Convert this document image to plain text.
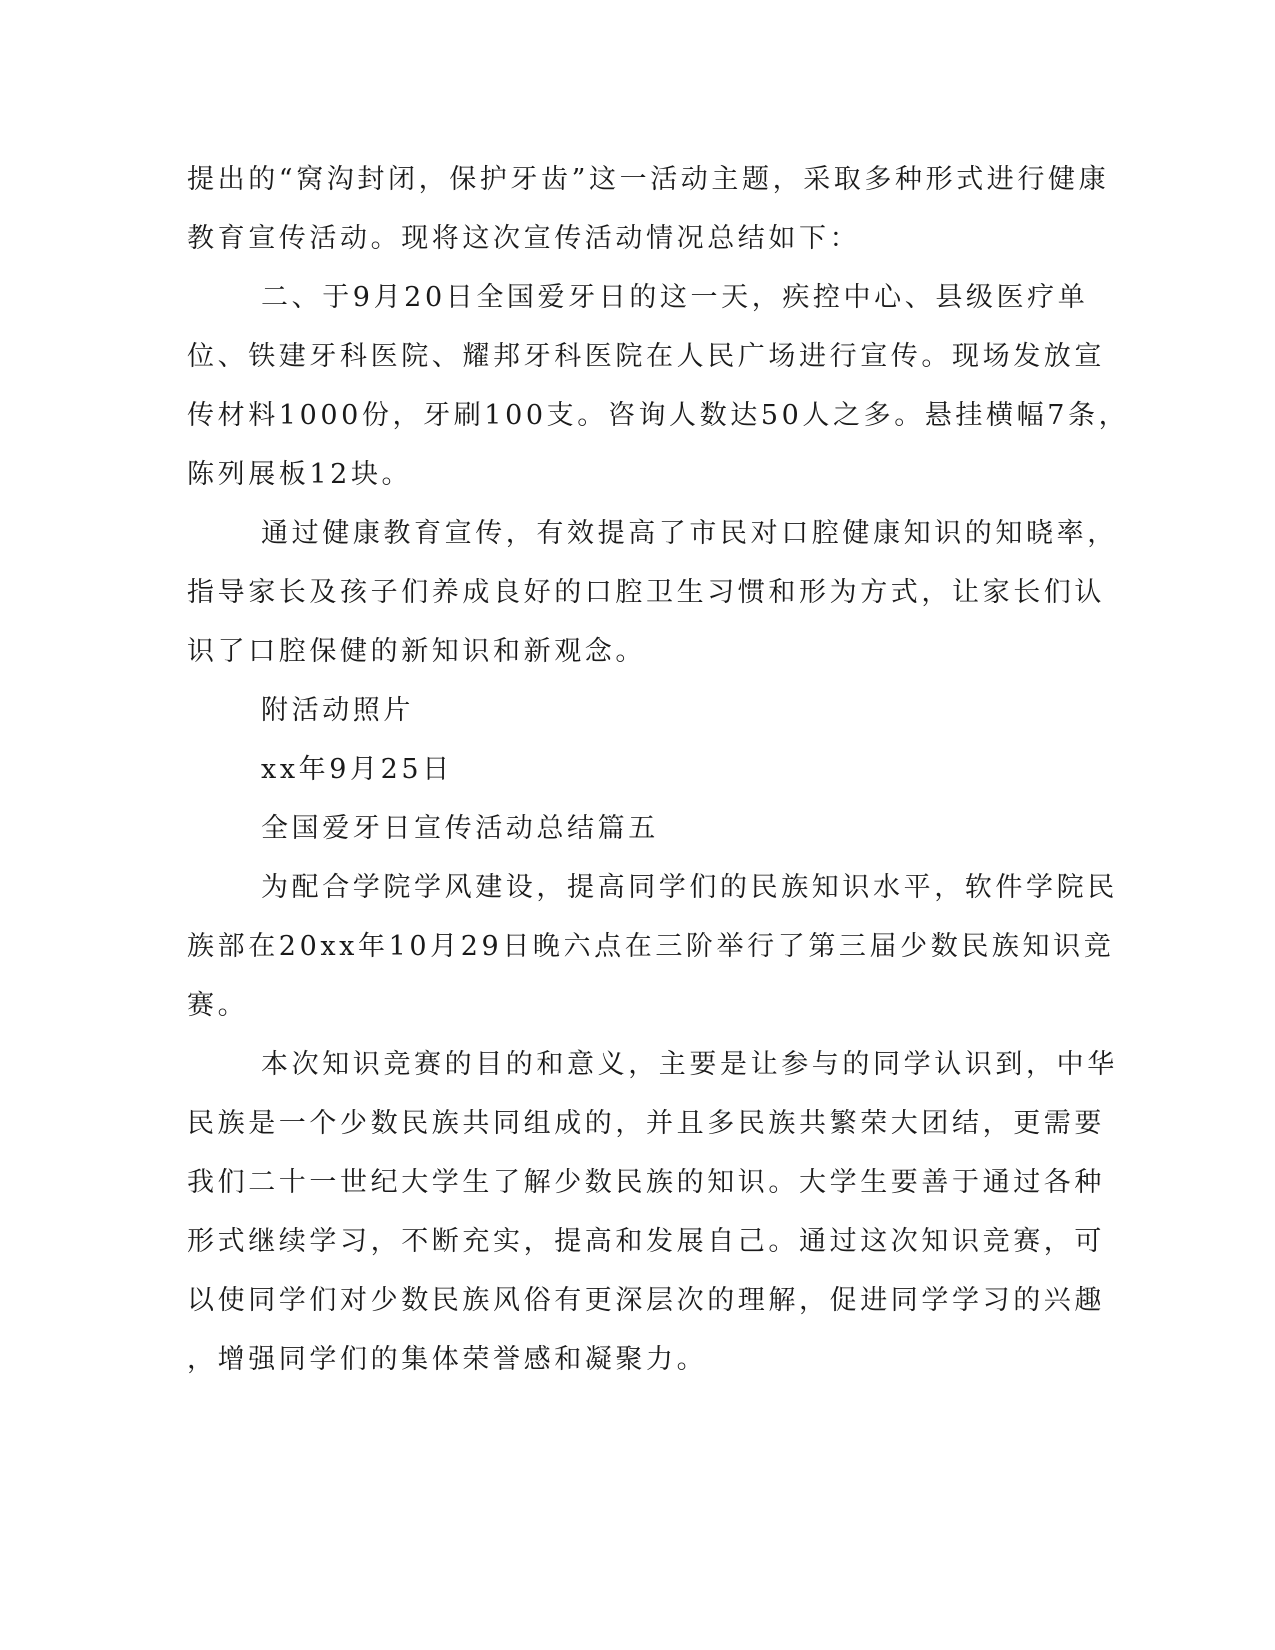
提出的“窝沟封闭，保护牙齿”这一活动主题，采取多种形式进行健康
教育宣传活动。现将这次宣传活动情况总结如下：
二、于9月20日全国爱牙日的这一天，疾控中心、县级医疗单
位、铁建牙科医院、耀邦牙科医院在人民广场进行宣传。现场发放宣
传材料1000份，牙刷100支。咨询人数达50人之多。悬挂横幅7条，
陈列展板12块。
通过健康教育宣传，有效提高了市民对口腔健康知识的知晓率，
指导家长及孩子们养成良好的口腔卫生习惯和形为方式，让家长们认
识了口腔保健的新知识和新观念。
附活动照片
xx年9月25日
全国爱牙日宣传活动总结篇五
为配合学院学风建设，提高同学们的民族知识水平，软件学院民
族部在20xx年10月29日晚六点在三阶举行了第三届少数民族知识竞
赛。
本次知识竞赛的目的和意义，主要是让参与的同学认识到，中华
民族是一个少数民族共同组成的，并且多民族共繁荣大团结，更需要
我们二十一世纪大学生了解少数民族的知识。大学生要善于通过各种
形式继续学习，不断充实，提高和发展自己。通过这次知识竞赛，可
以使同学们对少数民族风俗有更深层次的理解，促进同学学习的兴趣
，增强同学们的集体荣誉感和凝聚力。
